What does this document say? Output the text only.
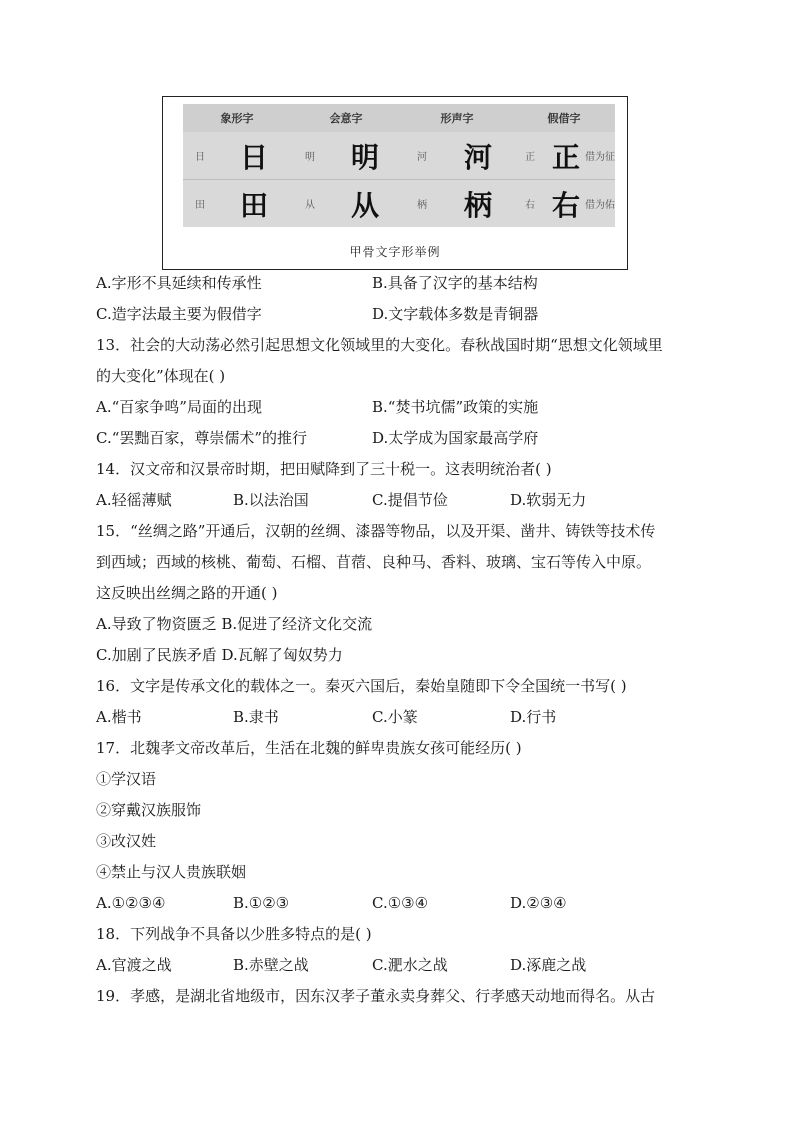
象形字		会意字		形声字		假借字		
日	日	明	明	河	河	正	正	借为征
田	田	从	从	柄	柄	右	右	借为佑
甲骨文字形举例
A.字形不具延续和传承性	B.具备了汉字的基本结构
C.造字法最主要为假借字	D.文字载体多数是青铜器
13．社会的大动荡必然引起思想文化领域里的大变化。春秋战国时期“思想文化领域里
的大变化”体现在( )
A.“百家争鸣”局面的出现	B.“焚书坑儒”政策的实施
C.“罢黜百家，尊崇儒术”的推行	D.太学成为国家最高学府
14．汉文帝和汉景帝时期，把田赋降到了三十税一。这表明统治者( )
A.轻徭薄赋	B.以法治国	C.提倡节俭	D.软弱无力
15．“丝绸之路”开通后，汉朝的丝绸、漆器等物品，以及开渠、凿井、铸铁等技术传
到西域；西域的核桃、葡萄、石榴、苜蓿、良种马、香料、玻璃、宝石等传入中原。
这反映出丝绸之路的开通( )
A.导致了物资匮乏 B.促进了经济文化交流
C.加剧了民族矛盾 D.瓦解了匈奴势力
16．文字是传承文化的载体之一。秦灭六国后，秦始皇随即下令全国统一书写( )
A.楷书	B.隶书	C.小篆	D.行书
17．北魏孝文帝改革后，生活在北魏的鲜卑贵族女孩可能经历( )
①学汉语
②穿戴汉族服饰
③改汉姓
④禁止与汉人贵族联姻
A.①②③④	B.①②③	C.①③④	D.②③④
18．下列战争不具备以少胜多特点的是( )
A.官渡之战	B.赤壁之战	C.淝水之战	D.涿鹿之战
19．孝感，是湖北省地级市，因东汉孝子董永卖身葬父、行孝感天动地而得名。从古
